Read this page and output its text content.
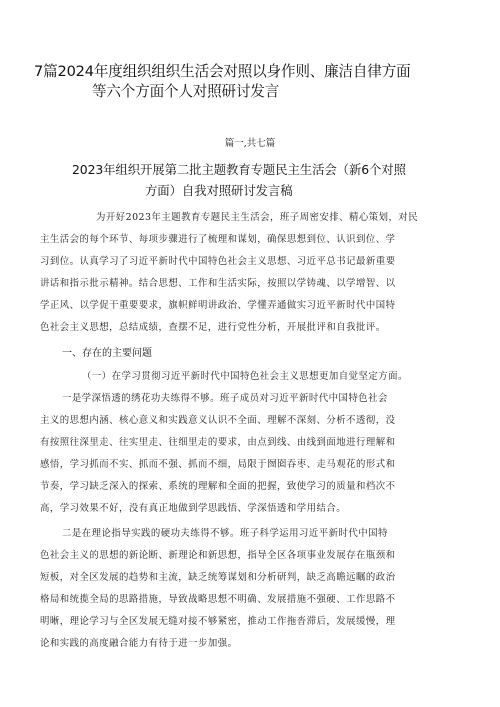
7篇2024年度组织组织生活会对照以身作则、廉洁自律方面
等六个方面个人对照研讨发言
篇一,共七篇
2023年组织开展第二批主题教育专题民主生活会（新6个对照
方面）自我对照研讨发言稿
为开好2023年主题教育专题民主生活会，班子周密安排、精心策划，对民
主生活会的每个环节、每项步骤进行了梳理和谋划，确保思想到位、认识到位、学
习到位。认真学习了习近平新时代中国特色社会主义思想、习近平总书记最新重要
讲话和指示批示精神。结合思想、工作和生活实际，按照以学铸魂、以学增智、以
学正风、以学促干重要要求，旗帜鲜明讲政治、学懂弄通做实习近平新时代中国特
色社会主义思想，总结成绩，查摆不足，进行党性分析，开展批评和自我批评。
一、存在的主要问题
（一）在学习贯彻习近平新时代中国特色社会主义思想更加自觉坚定方面。
一是学深悟透的绣花功夫练得不够。班子成员对习近平新时代中国特色社会
主义的思想内涵、核心意义和实践意义认识不全面、理解不深刻、分析不透彻，没
有按照往深里走、往实里走、往细里走的要求，由点到线、由线到面地进行理解和
感悟，学习抓而不实、抓而不强、抓而不细，局限于囫囵吞枣、走马观花的形式和
节奏，学习缺乏深入的探索、系统的理解和全面的把握，致使学习的质量和档次不
高，学习效果不好，没有真正地做到学思践悟、学深悟透和学用结合。
二是在理论指导实践的硬功夫练得不够。班子科学运用习近平新时代中国特
色社会主义的思想的新论断、新理论和新思想，指导全区各项事业发展存在瓶颈和
短板，对全区发展的趋势和主流，缺乏统筹谋划和分析研判，缺乏高瞻远瞩的政治
格局和统揽全局的思路措施，导致战略思想不明确、发展措施不强硬、工作思路不
明晰，理论学习与全区发展无缝对接不够紧密，推动工作拖沓滞后，发展缓慢，理
论和实践的高度融合能力有待于进一步加强。
